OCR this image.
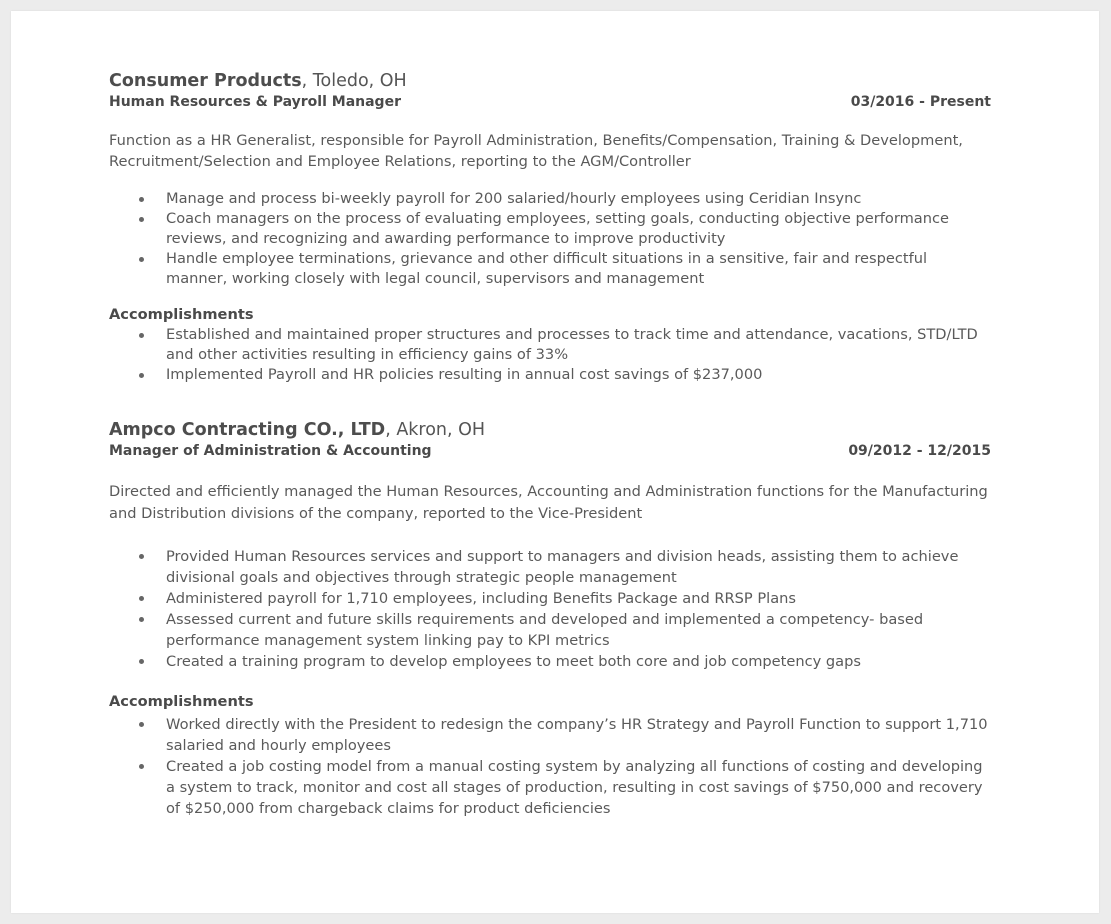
Consumer Products, Toledo, OH
Human Resources & Payroll Manager	03/2016 - Present

Function as a HR Generalist, responsible for Payroll Administration, Benefits/Compensation, Training & Development, Recruitment/Selection and Employee Relations, reporting to the AGM/Controller

Manage and process bi-weekly payroll for 200 salaried/hourly employees using Ceridian Insync
Coach managers on the process of evaluating employees, setting goals, conducting objective performance reviews, and recognizing and awarding performance to improve productivity
Handle employee terminations, grievance and other difficult situations in a sensitive, fair and respectful manner, working closely with legal council, supervisors and management
Accomplishments
Established and maintained proper structures and processes to track time and attendance, vacations, STD/LTD and other activities resulting in efficiency gains of 33%
Implemented Payroll and HR policies resulting in annual cost savings of $237,000
Ampco Contracting CO., LTD, Akron, OH
Manager of Administration & Accounting	09/2012 - 12/2015

Directed and efficiently managed the Human Resources, Accounting and Administration functions for the Manufacturing and Distribution divisions of the company, reported to the Vice-President

Provided Human Resources services and support to managers and division heads, assisting them to achieve divisional goals and objectives through strategic people management
Administered payroll for 1,710 employees, including Benefits Package and RRSP Plans
Assessed current and future skills requirements and developed and implemented a competency- based performance management system linking pay to KPI metrics
Created a training program to develop employees to meet both core and job competency gaps
Accomplishments
Worked directly with the President to redesign the company’s HR Strategy and Payroll Function to support 1,710 salaried and hourly employees
Created a job costing model from a manual costing system by analyzing all functions of costing and developing a system to track, monitor and cost all stages of production, resulting in cost savings of $750,000 and recovery of $250,000 from chargeback claims for product deficiencies
